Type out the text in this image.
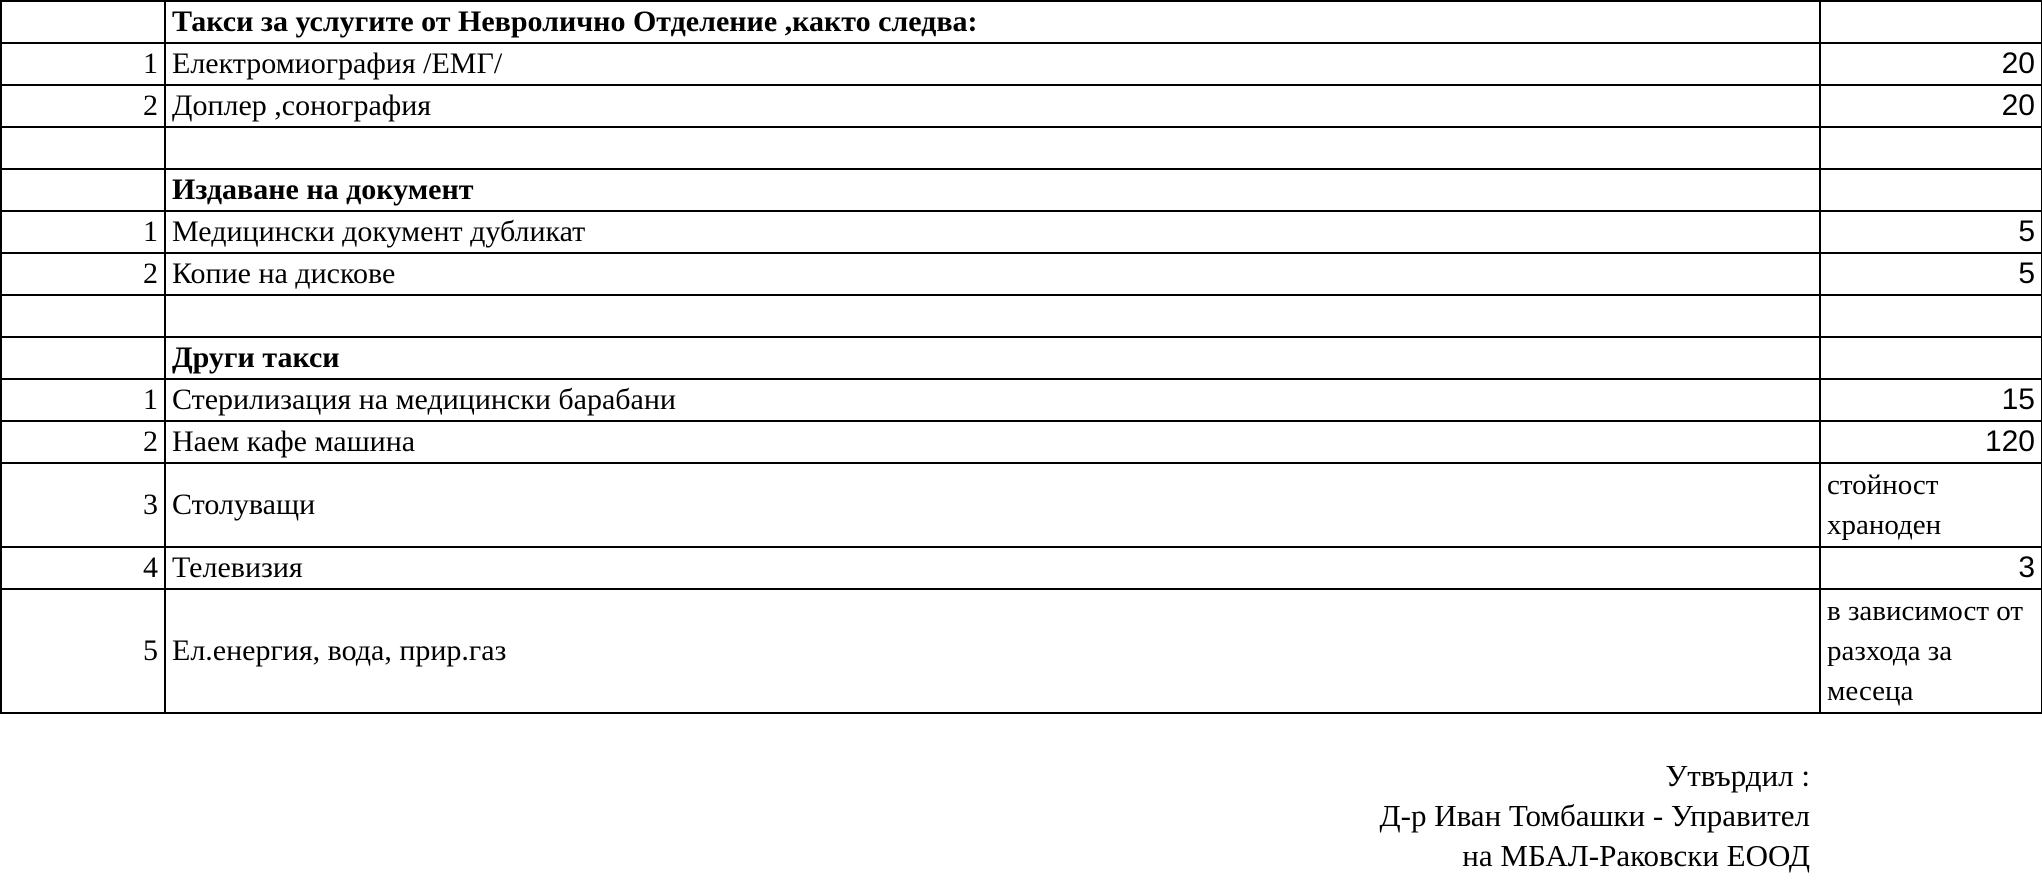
	Такси за услугите от Невролично Отделение ,както следва:	
1	Електромиография /ЕМГ/	20
2	Доплер ,сонография	20

	Издаване на документ	
1	Медицински документ дубликат	5
2	Копие на дискове	5

	Други такси	
1	Стерилизация на медицински барабани	15
2	Наем кафе машина	120
3	Столуващи	стойност храноден
4	Телевизия	3
5	Ел.енергия, вода, прир.газ	в зависимост от разхода за месеца
Утвърдил :
Д-р Иван Томбашки - Управител
на МБАЛ-Раковски ЕООД
